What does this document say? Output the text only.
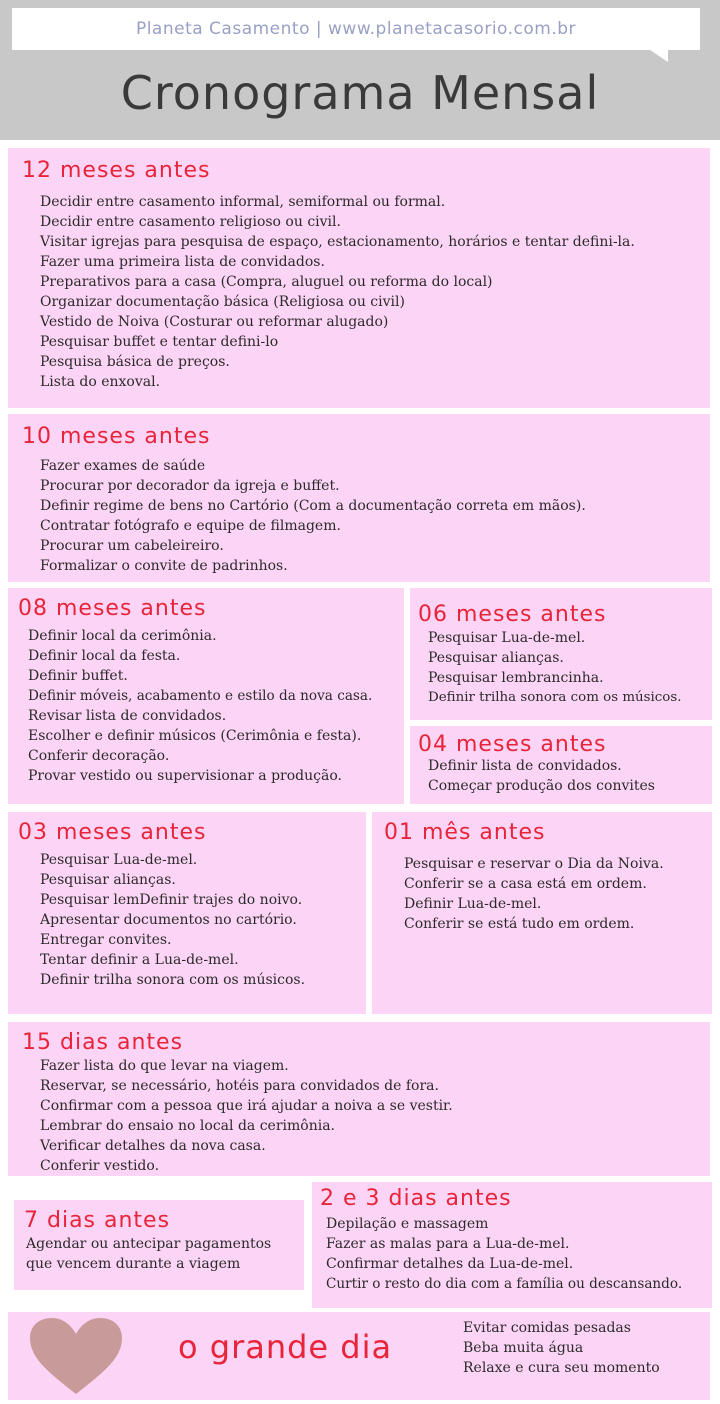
Planeta Casamento | www.planetacasorio.com.br
Cronograma Mensal
12 meses antes
Decidir entre casamento informal, semiformal ou formal.
Decidir entre casamento religioso ou civil.
Visitar igrejas para pesquisa de espaço, estacionamento, horários e tentar defini-la.
Fazer uma primeira lista de convidados.
Preparativos para a casa (Compra, aluguel ou reforma do local)
Organizar documentação básica (Religiosa ou civil)
Vestido de Noiva (Costurar ou reformar alugado)
Pesquisar buffet e tentar defini-lo
Pesquisa básica de preços.
Lista do enxoval.
10 meses antes
Fazer exames de saúde
Procurar por decorador da igreja e buffet.
Definir regime de bens no Cartório (Com a documentação correta em mãos).
Contratar fotógrafo e equipe de filmagem.
Procurar um cabeleireiro.
Formalizar o convite de padrinhos.
08 meses antes
Definir local da cerimônia.
Definir local da festa.
Definir buffet.
Definir móveis, acabamento e estilo da nova casa.
Revisar lista de convidados.
Escolher e definir músicos (Cerimônia e festa).
Conferir decoração.
Provar vestido ou supervisionar a produção.
06 meses antes
Pesquisar Lua-de-mel.
Pesquisar alianças.
Pesquisar lembrancinha.
Definir trilha sonora com os músicos.
04 meses antes
Definir lista de convidados.
Começar produção dos convites
03 meses antes
Pesquisar Lua-de-mel.
Pesquisar alianças.
Pesquisar lemDefinir trajes do noivo.
Apresentar documentos no cartório.
Entregar convites.
Tentar definir a Lua-de-mel.
Definir trilha sonora com os músicos.
01 mês antes
Pesquisar e reservar o Dia da Noiva.
Conferir se a casa está em ordem.
Definir Lua-de-mel.
Conferir se está tudo em ordem.
15 dias antes
Fazer lista do que levar na viagem.
Reservar, se necessário, hotéis para convidados de fora.
Confirmar com a pessoa que irá ajudar a noiva a se vestir.
Lembrar do ensaio no local da cerimônia.
Verificar detalhes da nova casa.
Conferir vestido.
7 dias antes
Agendar ou antecipar pagamentos
que vencem durante a viagem
2 e 3 dias antes
Depilação e massagem
Fazer as malas para a Lua-de-mel.
Confirmar detalhes da Lua-de-mel.
Curtir o resto do dia com a família ou descansando.
o grande dia	Evitar comidas pesadas
Beba muita água
Relaxe e cura seu momento
